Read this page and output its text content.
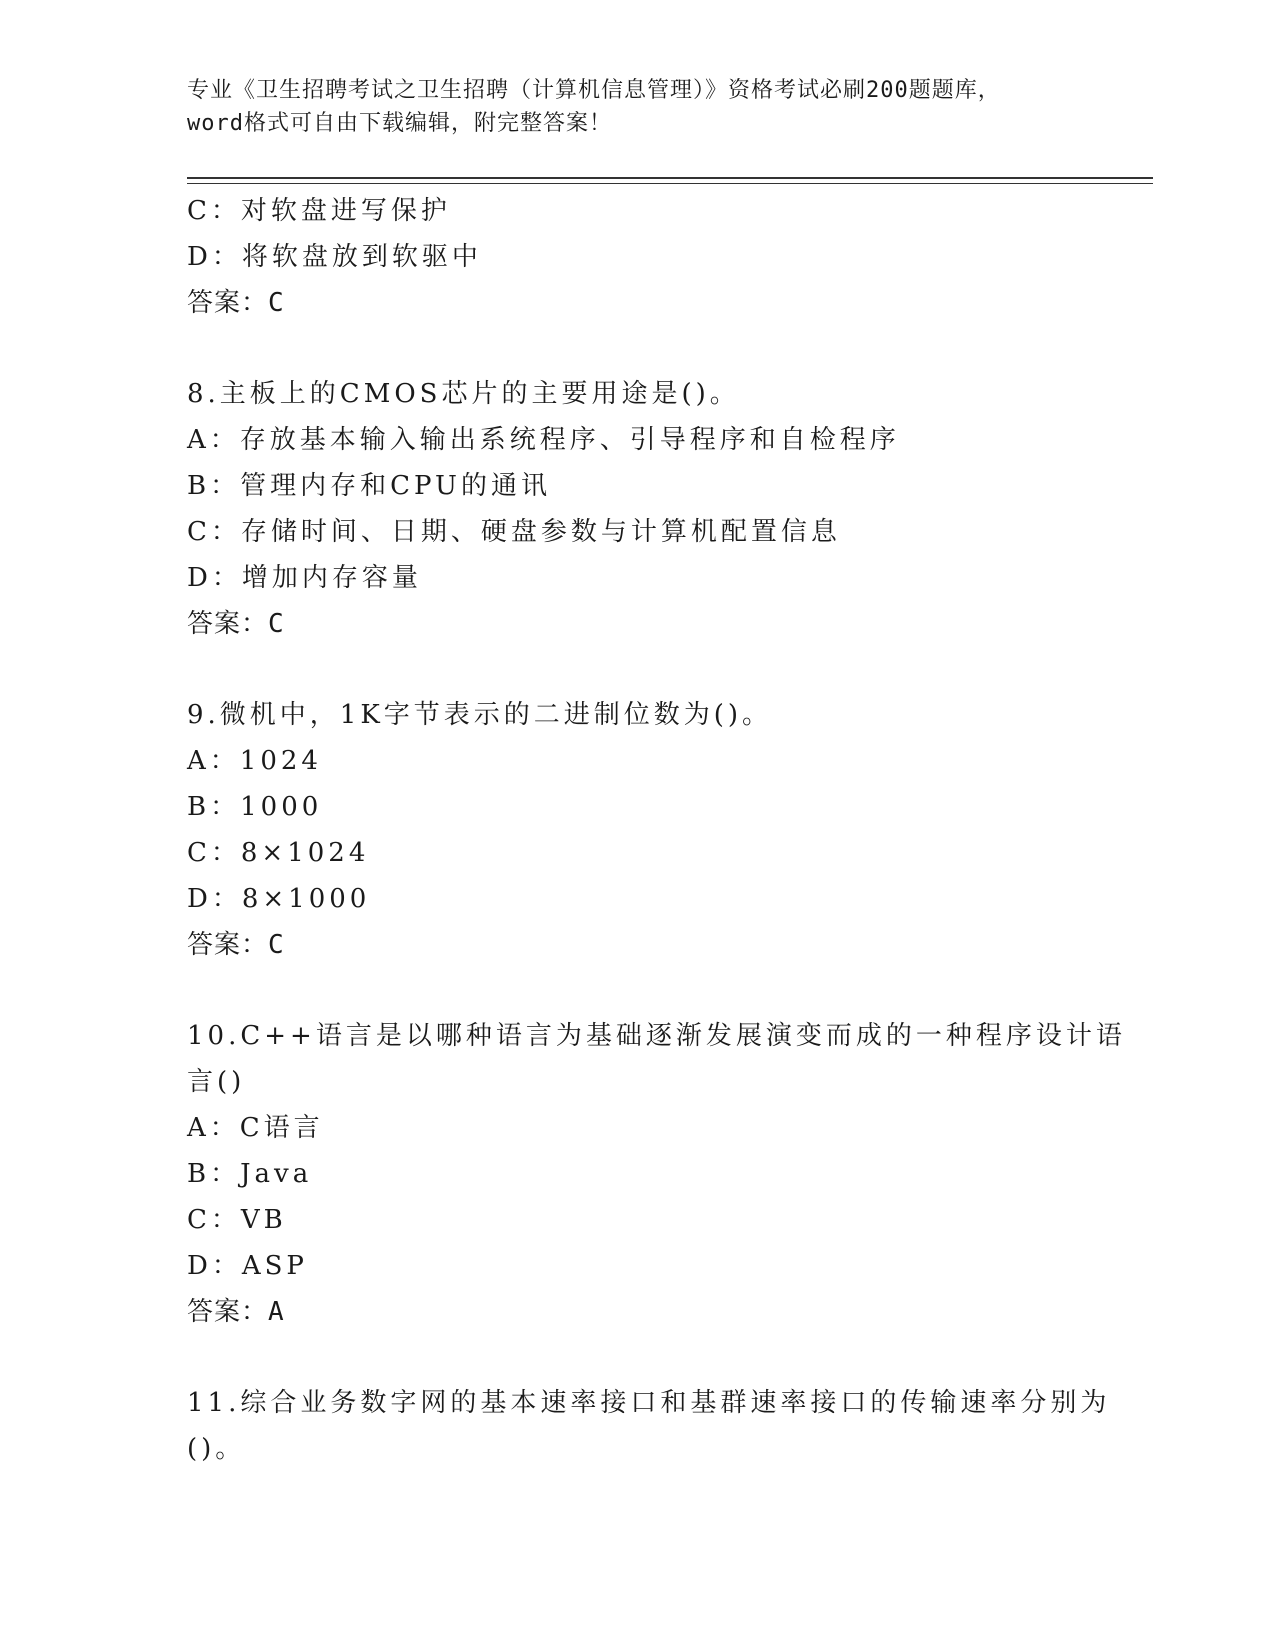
专业《卫生招聘考试之卫生招聘（计算机信息管理）》资格考试必刷200题题库，
word格式可自由下载编辑，附完整答案！
C：对软盘进写保护
D：将软盘放到软驱中
答案：C
8.主板上的CMOS芯片的主要用途是()。
A：存放基本输入输出系统程序、引导程序和自检程序
B：管理内存和CPU的通讯
C：存储时间、日期、硬盘参数与计算机配置信息
D：增加内存容量
答案：C
9.微机中，1K字节表示的二进制位数为()。
A：1024
B：1000
C：8×1024
D：8×1000
答案：C
10.C++语言是以哪种语言为基础逐渐发展演变而成的一种程序设计语
言()
A：C语言
B：Java
C：VB
D：ASP
答案：A
11.综合业务数字网的基本速率接口和基群速率接口的传输速率分别为
()。
